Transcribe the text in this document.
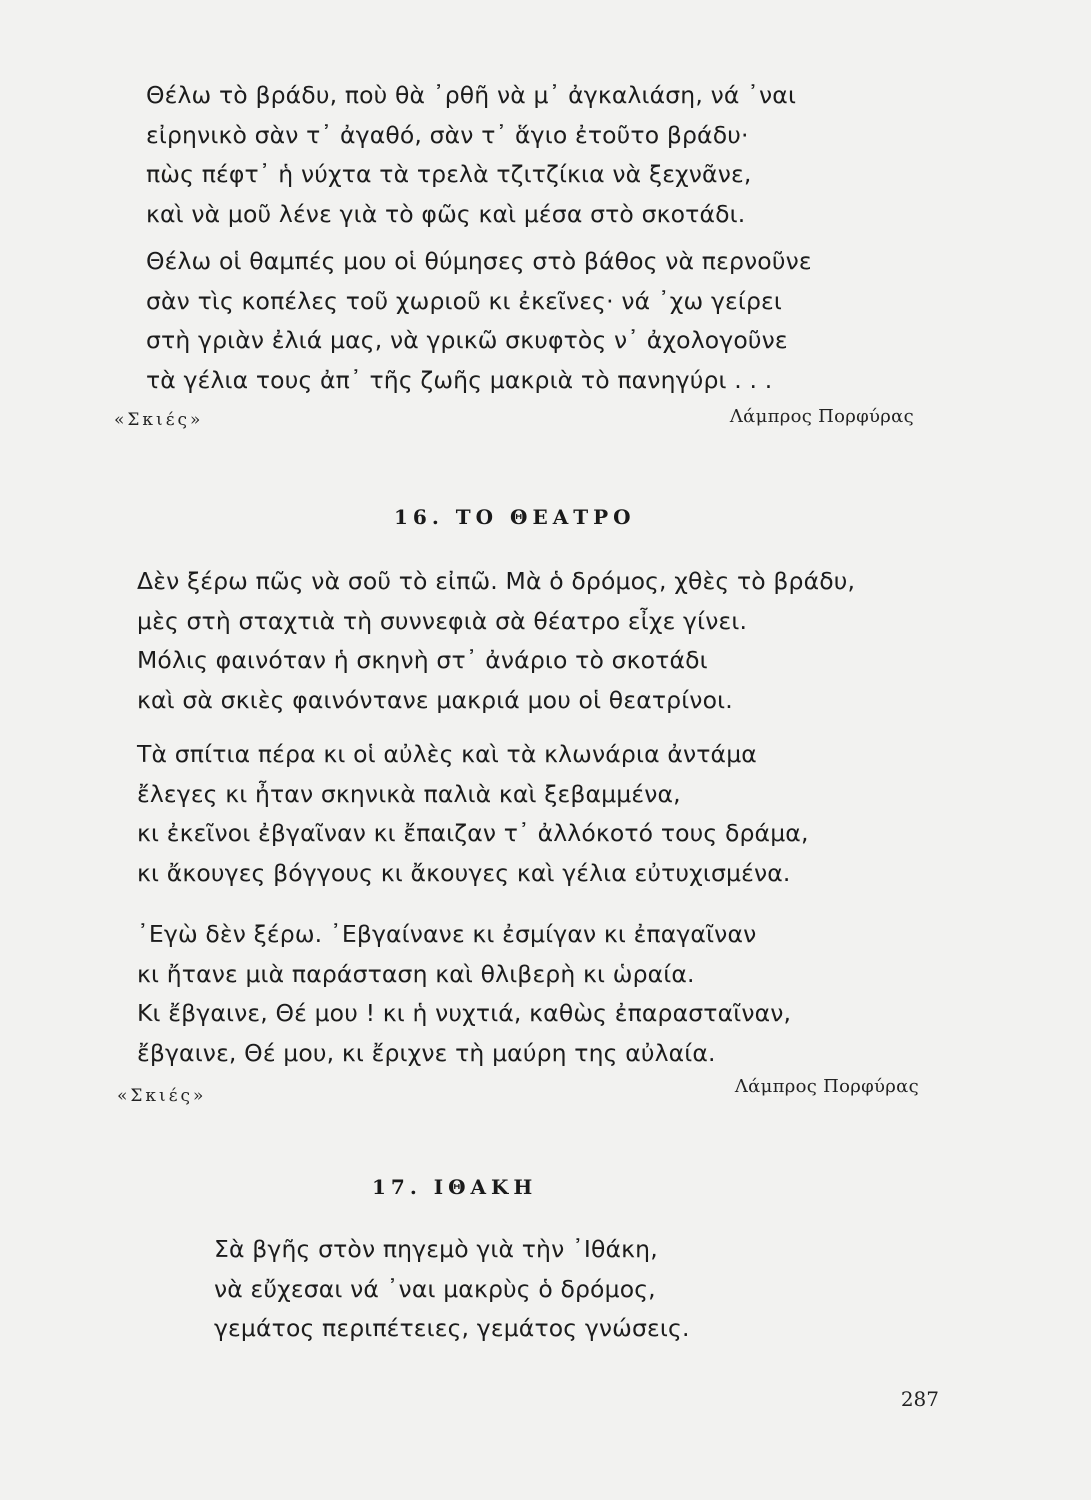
Θέλω τὸ βράδυ, ποὺ θὰ ᾿ρθῆ νὰ μ᾿ ἀγκαλιάση, νά ᾿ναι
εἰρηνικὸ σὰν τ᾿ ἀγαθό, σὰν τ᾿ ἅγιο ἐτοῦτο βράδυ·
πὼς πέφτ᾿ ἡ νύχτα τὰ τρελὰ τζιτζίκια νὰ ξεχνᾶνε,
καὶ νὰ μοῦ λένε γιὰ τὸ φῶς καὶ μέσα στὸ σκοτάδι.
Θέλω οἱ θαμπές μου οἱ θύμησες στὸ βάθος νὰ περνοῦνε
σὰν τὶς κοπέλες τοῦ χωριοῦ κι ἐκεῖνες· νά ᾿χω γείρει
στὴ γριὰν ἐλιά μας, νὰ γρικῶ σκυφτὸς ν᾿ ἀχολογοῦνε
τὰ γέλια τους ἀπ᾿ τῆς ζωῆς μακριὰ τὸ πανηγύρι . . .
«Σκιές»	Λάμπρος Πορφύρας
16. ΤΟ ΘΕΑΤΡΟ
Δὲν ξέρω πῶς νὰ σοῦ τὸ εἰπῶ. Μὰ ὁ δρόμος, χθὲς τὸ βράδυ,
μὲς στὴ σταχτιὰ τὴ συννεφιὰ σὰ θέατρο εἶχε γίνει.
Μόλις φαινόταν ἡ σκηνὴ στ᾿ ἀνάριο τὸ σκοτάδι
καὶ σὰ σκιὲς φαινόντανε μακριά μου οἱ θεατρίνοι.
Τὰ σπίτια πέρα κι οἱ αὐλὲς καὶ τὰ κλωνάρια ἀντάμα
ἔλεγες κι ἦταν σκηνικὰ παλιὰ καὶ ξεβαμμένα,
κι ἐκεῖνοι ἐβγαῖναν κι ἔπαιζαν τ᾿ ἀλλόκοτό τους δράμα,
κι ἄκουγες βόγγους κι ἄκουγες καὶ γέλια εὐτυχισμένα.
᾿Εγὼ δὲν ξέρω. ᾿Εβγαίνανε κι ἐσμίγαν κι ἐπαγαῖναν
κι ἤτανε μιὰ παράσταση καὶ θλιβερὴ κι ὡραία.
Κι ἔβγαινε, Θέ μου ! κι ἡ νυχτιά, καθὼς ἐπαρασταῖναν,
ἔβγαινε, Θέ μου, κι ἔριχνε τὴ μαύρη της αὐλαία.
«Σκιές»	Λάμπρος Πορφύρας
17. ΙΘΑΚΗ
Σὰ βγῆς στὸν πηγεμὸ γιὰ τὴν ᾿Ιθάκη,
νὰ εὔχεσαι νά ᾿ναι μακρὺς ὁ δρόμος,
γεμάτος περιπέτειες, γεμάτος γνώσεις.
287
